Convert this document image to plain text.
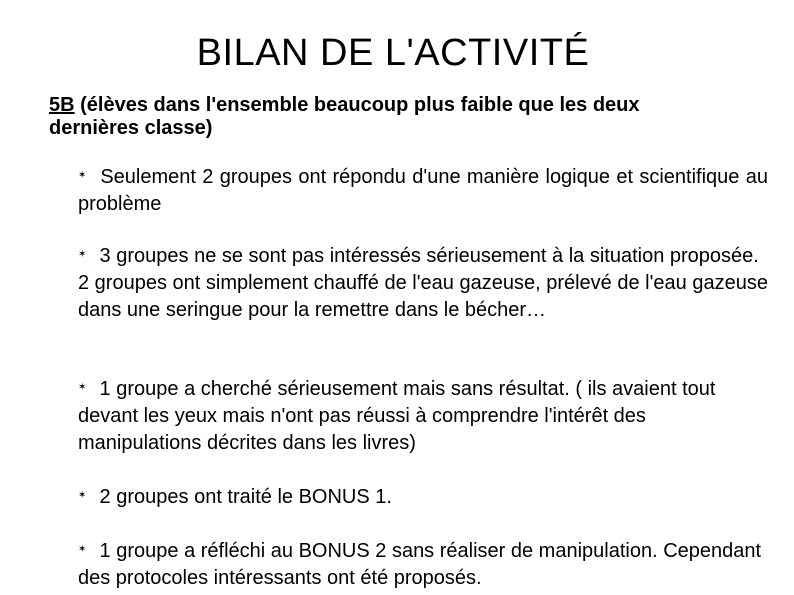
BILAN DE L'ACTIVITÉ
5B (élèves dans l'ensemble beaucoup plus faible que les deux dernières classe)
✶ Seulement 2 groupes ont répondu d'une manière logique et scientifique au problème
✶ 3 groupes ne se sont pas intéressés sérieusement à la situation proposée. 2 groupes ont simplement chauffé de l'eau gazeuse, prélevé de l'eau gazeuse dans une seringue pour la remettre dans le bécher…
✶ 1 groupe a cherché sérieusement mais sans résultat. ( ils avaient tout devant les yeux mais n'ont pas réussi à comprendre l'intérêt des manipulations décrites dans les livres)
✶ 2 groupes ont traité le BONUS 1.
✶ 1 groupe a réfléchi au BONUS 2 sans réaliser de manipulation. Cependant des protocoles intéressants ont été proposés.
